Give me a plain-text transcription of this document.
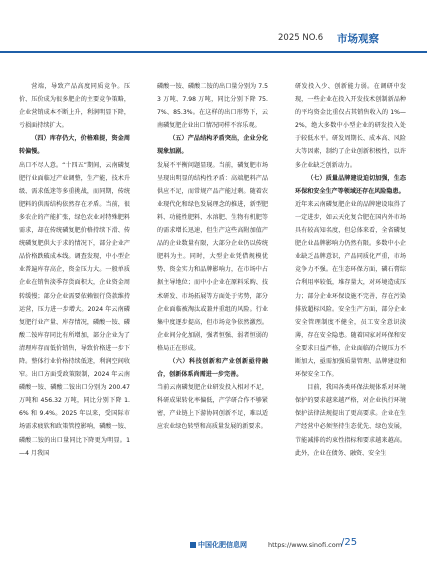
2025 NO.6 市场观察

营端，导致产品高度同质竞争。压价、压价成为很多肥企的主要竞争策略，企业营销成本不断上升，利润明显下降，亏损面持续扩大。

（四）库存仍大，价格难提，资金周转偏慢。

出口不尽人意。“十四五”期间，云南磷复肥行业面临过产业调整，生产能，技术升级、需求低迷等多重挑战，而同期，传统肥料的供需结构依然存在矛盾。当前，很多农企的产能扩张，绿色农业对特殊肥料需求，却在传统磷复肥价格持续下滑、传统磷复肥供大于求的情况下，部分企业产品价格跌破成本线。调查发现，中小型企业普遍库存高企，资金压力大。一般单质企业在销售淡季存货面积大，企业资金周转缓慢；部分企业需要依赖银行贷款维持运营，压力进一步增大。2024 年云南磷复肥行业产量、库存情况，磷酸一铵、磷酸二铵库存同比有所增加，部分企业为了清理库存而低价销售，导致价格进一步下降。整体行业价格持续低迷，利润空间收窄。出口方面受政策限制，2024 年云南磷酸一铵、磷酸二铵出口分别为 200.47 万吨和 456.32 万吨，同比分别下降 1.6% 和 9.4%。2025 年以来，受国际市场需求疲软和政策管控影响，磷酸一铵、磷酸二铵的出口量同比下降更为明显。1—4 月我国

磷酸一铵、磷酸二铵的出口量分别为 7.53 万吨、7.98 万吨，同比分别下降 75.7%、85.3%。在这样的出口形势下，云南磷复肥企业出口情况同样不容乐观。

（五）产品结构矛盾突出，企业分化现象加剧。

发展不平衡问题显现。当前，磷复肥市场呈现出明显的结构性矛盾：高端肥料产品供应不足，而常规产品产能过剩。随着农业现代化和绿色发展理念的推进，新型肥料、功能性肥料、水溶肥、生物有机肥等的需求增长迅速，但生产这些高附加值产品的企业数量有限，大部分企业仍以传统肥料为主。同时，大型企业凭借规模优势、资金实力和品牌影响力，在市场中占据主导地位；而中小企业在原料采购、技术研发、市场拓展等方面处于劣势，部分企业面临被淘汰或兼并重组的风险。行业集中度逐步提高，但市场竞争依然激烈。企业间分化加剧，强者恒强、弱者恒弱的格局正在形成。

（六）科技创新和产业创新亟待融合，创新体系尚需进一步完善。

当前云南磷复肥企业研发投入相对不足，科研成果转化率偏低，产学研合作不够紧密，产业链上下游协同创新不足，难以适应农业绿色转型和高质量发展的新要求。

研发投入少、创新能力弱。在调研中发现，一些企业在投入开发技术创制新品种的平均资金比重仅占其销售收入的 1%—2%，绝大多数中小型企业的研发投入处于较低水平。研发周期长、成本高、风险大等因素，制约了企业创新积极性，以许多企业缺乏创新动力。

（七）质量品牌建设迫切加强，生态环保和安全生产等领域还存在风险隐患。

近年来云南磷复肥企业的品牌建设取得了一定进步，如云天化复合肥在国内外市场具有较高知名度，但总体来看，全省磷复肥企业品牌影响力仍然有限。多数中小企业缺乏品牌意识，产品同质化严重，市场竞争力不强。在生态环保方面，磷石膏综合利用率较低，堆存量大，对环境造成压力；部分企业环保设施不完善，存在污染排放超标风险。安全生产方面，部分企业安全管理制度不健全，员工安全意识淡薄，存在安全隐患。随着国家对环保和安全要求日益严格，企业面临的合规压力不断加大，亟需加强质量管理、品牌建设和环保安全工作。

目前，我国各类环保法规体系对环境保护的要求越来越严格，对企业执行环境保护法律法规提出了更高要求。企业在生产经营中必须坚持生态优先、绿色发展，节能减排的约束性指标和要求越来越高。此外，企业在债务、融资、安全生

中国化肥信息网	https://www.sinofi.com
/25
